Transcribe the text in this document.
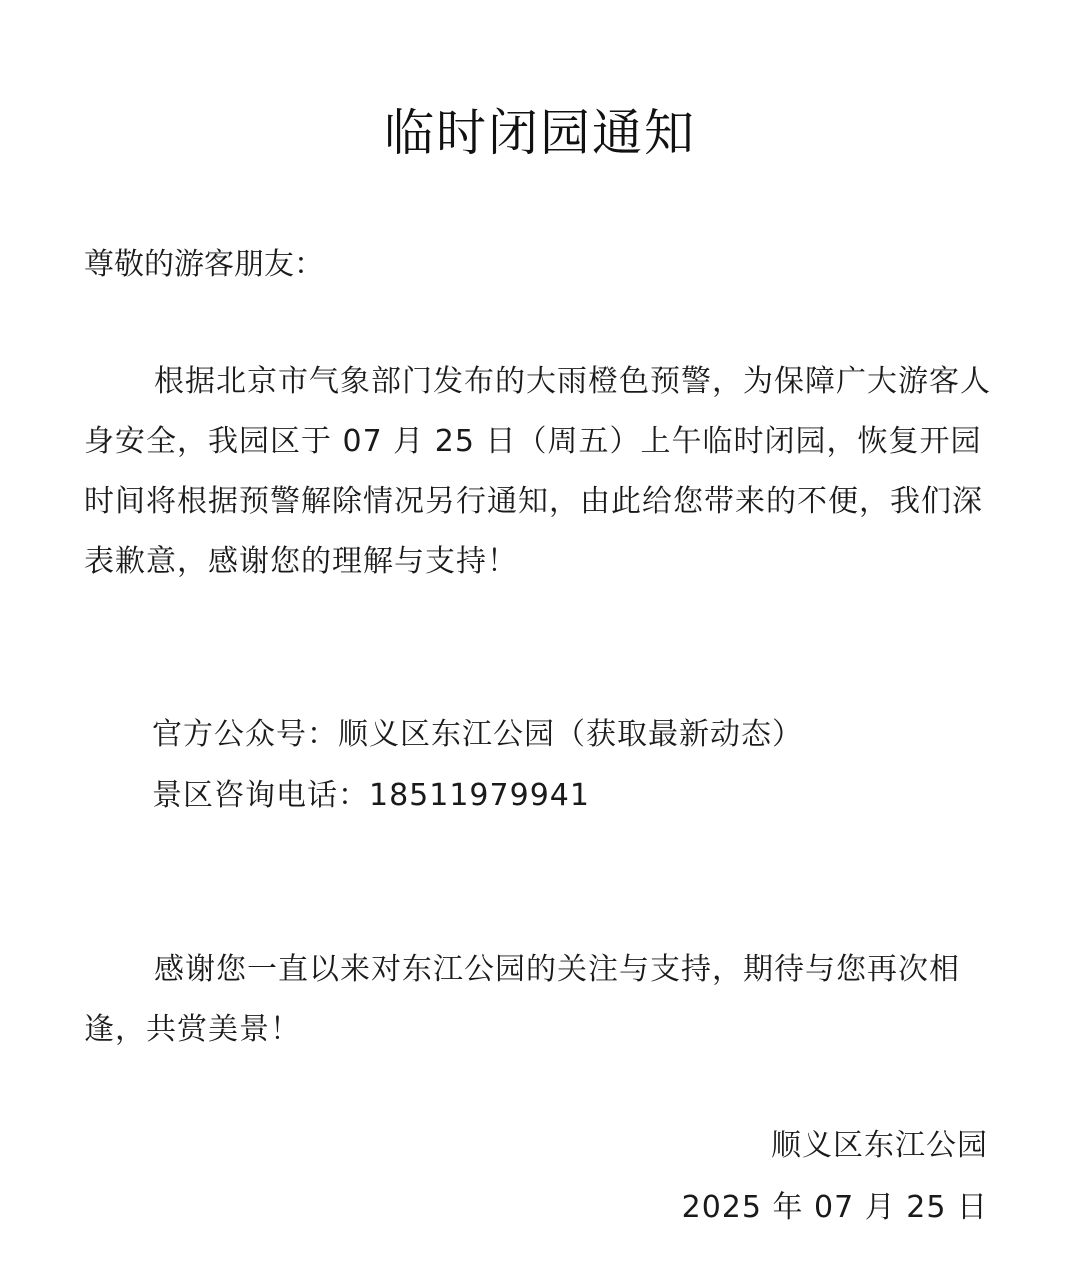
临时闭园通知
尊敬的游客朋友：

根据北京市气象部门发布的大雨橙色预警，为保障广大游客人身安全，我园区于 07 月 25 日（周五）上午临时闭园，恢复开园时间将根据预警解除情况另行通知，由此给您带来的不便，我们深表歉意，感谢您的理解与支持！

官方公众号：顺义区东江公园（获取最新动态）
景区咨询电话：18511979941

感谢您一直以来对东江公园的关注与支持，期待与您再次相逢，共赏美景！

顺义区东江公园
2025 年 07 月 25 日
